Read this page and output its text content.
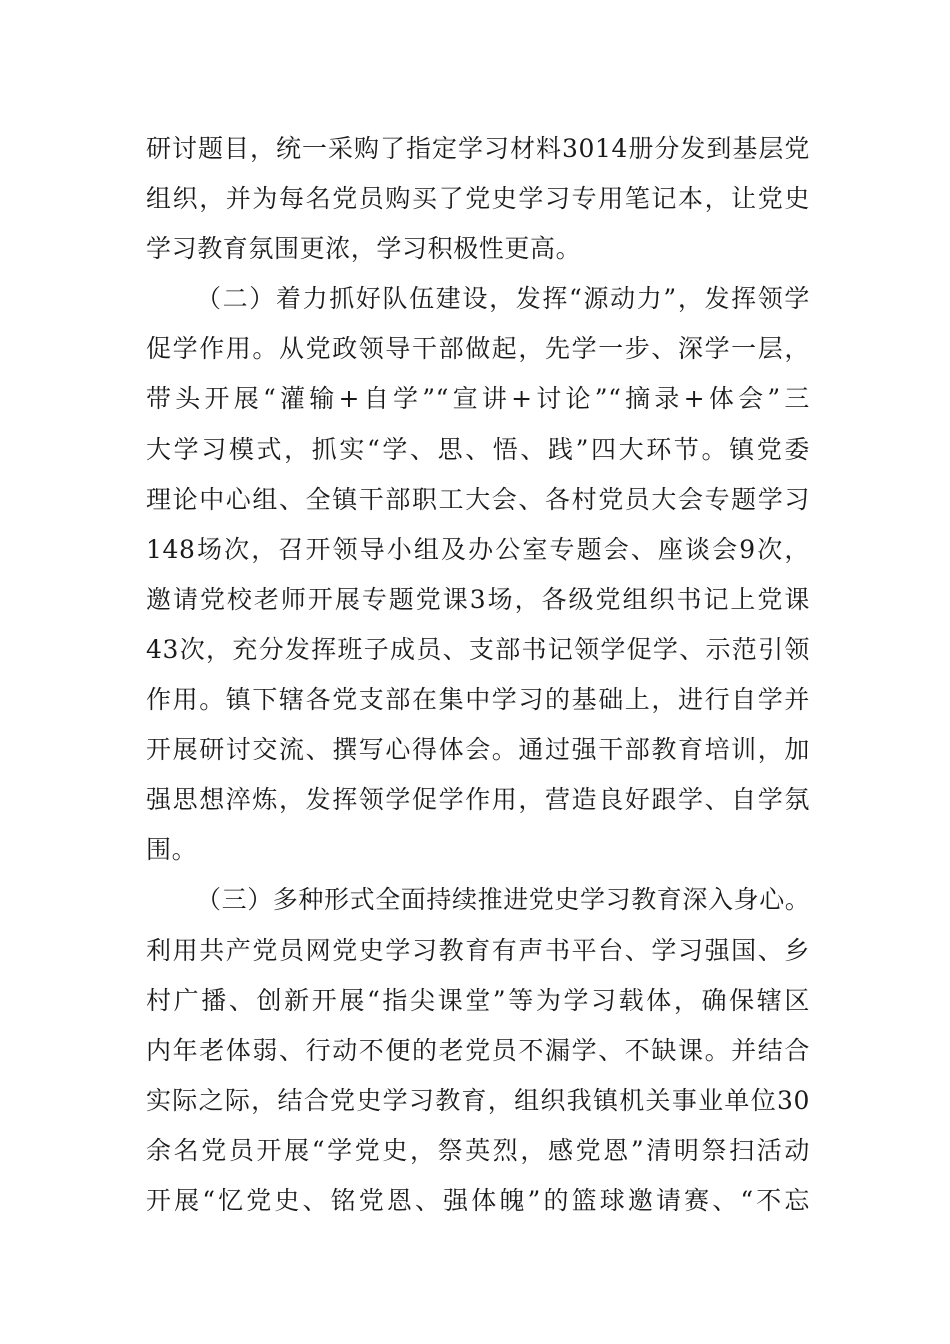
研讨题目，统一采购了指定学习材料3014册分发到基层党
组织，并为每名党员购买了党史学习专用笔记本，让党史
学习教育氛围更浓，学习积极性更高。
（二）着力抓好队伍建设，发挥“源动力”，发挥领学
促学作用。从党政领导干部做起，先学一步、深学一层，
带头开展“灌输+自学”“宣讲+讨论”“摘录+体会”三
大学习模式，抓实“学、思、悟、践”四大环节。镇党委
理论中心组、全镇干部职工大会、各村党员大会专题学习
148场次，召开领导小组及办公室专题会、座谈会9次，
邀请党校老师开展专题党课3场，各级党组织书记上党课
43次，充分发挥班子成员、支部书记领学促学、示范引领
作用。镇下辖各党支部在集中学习的基础上，进行自学并
开展研讨交流、撰写心得体会。通过强干部教育培训，加
强思想淬炼，发挥领学促学作用，营造良好跟学、自学氛
围。
（三）多种形式全面持续推进党史学习教育深入身心。
利用共产党员网党史学习教育有声书平台、学习强国、乡
村广播、创新开展“指尖课堂”等为学习载体，确保辖区
内年老体弱、行动不便的老党员不漏学、不缺课。并结合
实际之际，结合党史学习教育，组织我镇机关事业单位30
余名党员开展“学党史，祭英烈，感党恩”清明祭扫活动
开展“忆党史、铭党恩、强体魄”的篮球邀请赛、“不忘
